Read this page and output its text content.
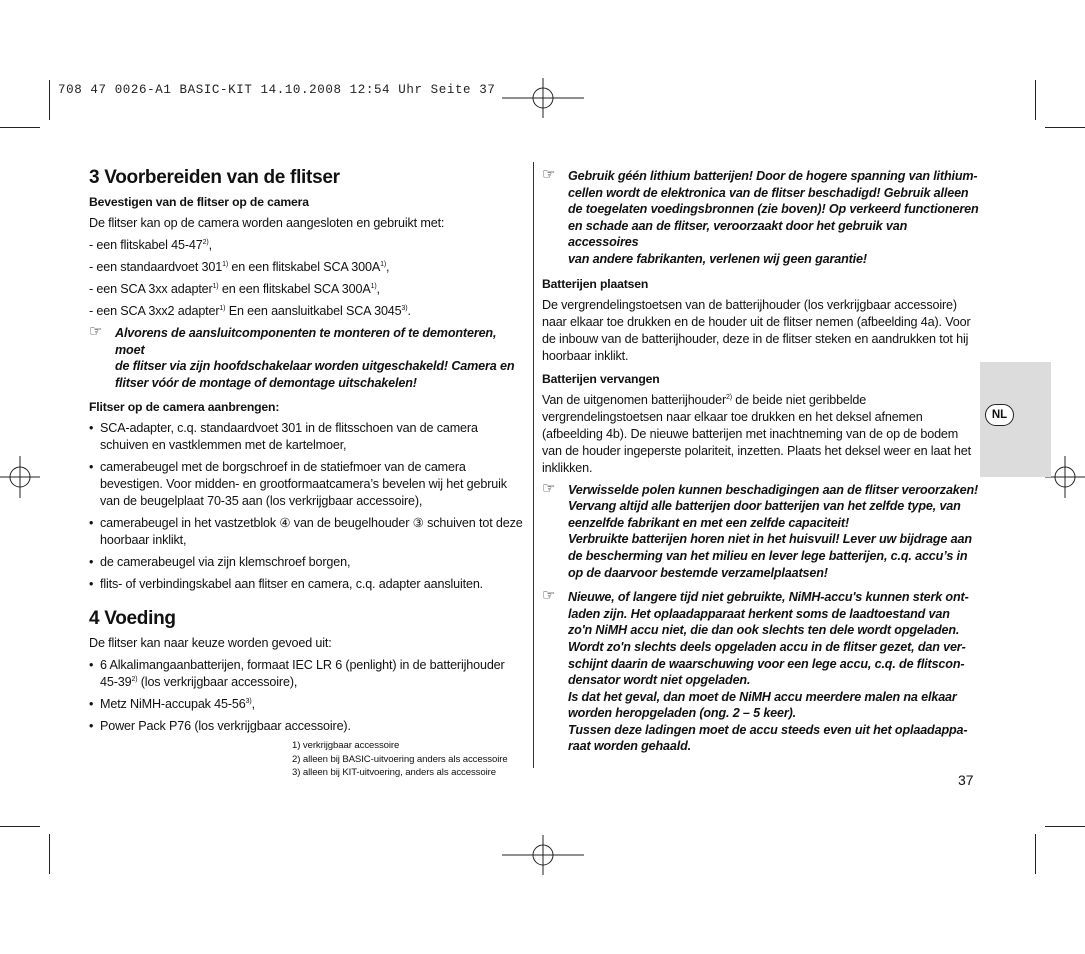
708 47 0026-A1 BASIC-KIT 14.10.2008 12:54 Uhr Seite 37
3 Voorbereiden van de flitser
Bevestigen van de flitser op de camera
De flitser kan op de camera worden aangesloten en gebruikt met:
- een flitskabel 45-47$^{2)}$,
- een standaardvoet 301$^{1)}$ en een flitskabel SCA $300A^{1)}$,
- een SCA 3xx adapter$^{1)}$ en een flitskabel SCA $300A^{1)}$,
- een SCA 3xx2 adapter$^{1)}$ En een aansluitkabel SCA 3045$^{3)}$.
☞ Alvorens de aansluitcomponenten te monteren of te demonteren, moet
de flitser via zijn hoofdschakelaar worden uitgeschakeld! Camera en
flitser vóór de montage of demontage uitschakelen!
Flitser op de camera aanbrengen:
• SCA-adapter, c.q. standaardvoet 301 in de flitsschoen van de camera schuiven en vastklemmen met de kartelmoer,
• camerabeugel met de borgschroef in de statiefmoer van de camera bevestigen. Voor midden- en grootformaatcamera’s bevelen wij het gebruik van de beugelplaat 70-35 aan (los verkrijgbaar accessoire),
• camerabeugel in het vastzetblok ④ van de beugelhouder ③ schuiven tot deze hoorbaar inklikt,
• de camerabeugel via zijn klemschroef borgen,
• flits- of verbindingskabel aan flitser en camera, c.q. adapter aansluiten.
4 Voeding
De flitser kan naar keuze worden gevoed uit:
• 6 Alkalimangaanbatterijen, formaat IEC LR 6 (penlight) in de batterijhouder 45-39$^{2)}$ (los verkrijgbaar accessoire),
• Metz NiMH-accupak 45-56$^{3)}$,
• Power Pack P76 (los verkrijgbaar accessoire).
1) verkrijgbaar accessoire
2) alleen bij BASIC-uitvoering anders als accessoire
3) alleen bij KIT-uitvoering, anders als accessoire
☞ Gebruik géén lithium batterijen! Door de hogere spanning van lithium-
cellen wordt de elektronica van de flitser beschadigd! Gebruik alleen
de toegelaten voedingsbronnen (zie boven)! Op verkeerd functioneren
en schade aan de flitser, veroorzaakt door het gebruik van accessoires
van andere fabrikanten, verlenen wij geen garantie!
Batterijen plaatsen
De vergrendelingstoetsen van de batterijhouder (los verkrijgbaar accessoire) naar elkaar toe drukken en de houder uit de flitser nemen (afbeelding 4a). Voor de inbouw van de batterijhouder, deze in de flitser steken en aandrukken tot hij hoorbaar inklikt.
Batterijen vervangen
Van de uitgenomen batterijhouder$^{2)}$ de beide niet geribbelde vergrendelingstoetsen naar elkaar toe drukken en het deksel afnemen (afbeelding 4b). De nieuwe batterijen met inachtneming van de op de bodem van de houder ingeperste polariteit, inzetten. Plaats het deksel weer en laat het inklikken.
☞ Verwisselde polen kunnen beschadigingen aan de flitser veroorzaken!
Vervang altijd alle batterijen door batterijen van het zelfde type, van
eenzelfde fabrikant en met een zelfde capaciteit!
Verbruikte batterijen horen niet in het huisvuil! Lever uw bijdrage aan
de bescherming van het milieu en lever lege batterijen, c.q. accu’s in
op de daarvoor bestemde verzamelplaatsen!
☞ Nieuwe, of langere tijd niet gebruikte, NiMH-accu's kunnen sterk ont-
laden zijn. Het oplaadapparaat herkent soms de laadtoestand van
zo'n NiMH accu niet, die dan ook slechts ten dele wordt opgeladen.
Wordt zo'n slechts deels opgeladen accu in de flitser gezet, dan ver-
schijnt daarin de waarschuwing voor een lege accu, c.q. de flitscon-
densator wordt niet opgeladen.
Is dat het geval, dan moet de NiMH accu meerdere malen na elkaar
worden heropgeladen (ong. 2 – 5 keer).
Tussen deze ladingen moet de accu steeds even uit het oplaadappa-
raat worden gehaald.
NL
37
